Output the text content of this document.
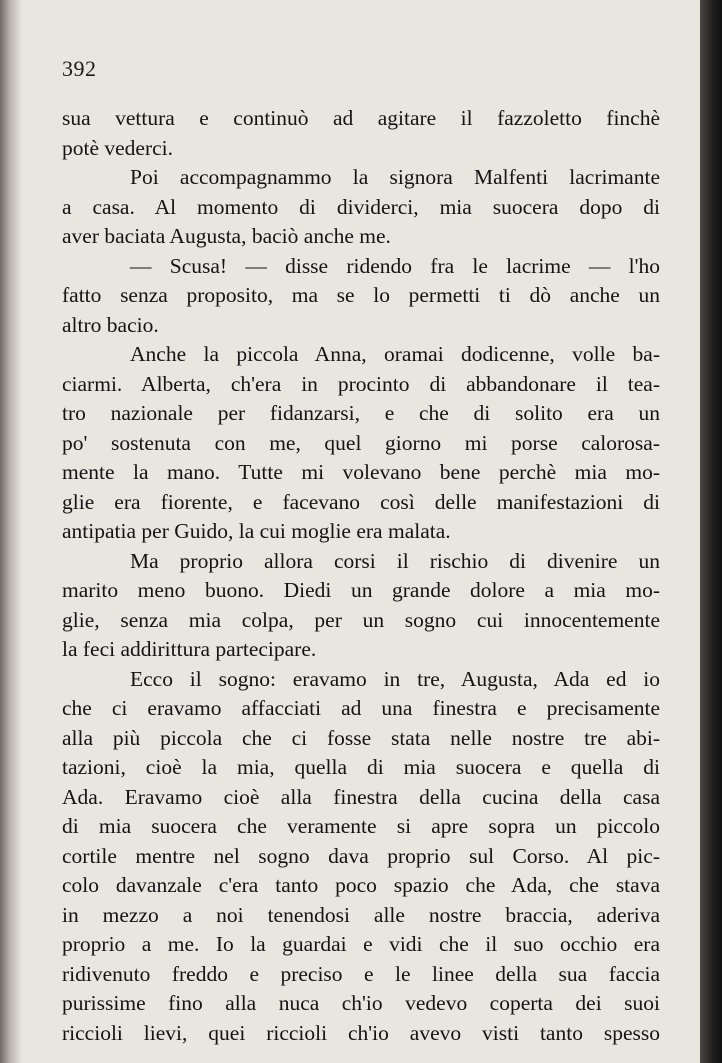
392
sua vettura e continuò ad agitare il fazzoletto finchè
potè vederci.
Poi accompagnammo la signora Malfenti lacrimante
a casa. Al momento di dividerci, mia suocera dopo di
aver baciata Augusta, baciò anche me.
— Scusa! — disse ridendo fra le lacrime — l'ho
fatto senza proposito, ma se lo permetti ti dò anche un
altro bacio.
Anche la piccola Anna, oramai dodicenne, volle ba-
ciarmi. Alberta, ch'era in procinto di abbandonare il tea-
tro nazionale per fidanzarsi, e che di solito era un
po' sostenuta con me, quel giorno mi porse calorosa-
mente la mano. Tutte mi volevano bene perchè mia mo-
glie era fiorente, e facevano così delle manifestazioni di
antipatia per Guido, la cui moglie era malata.
Ma proprio allora corsi il rischio di divenire un
marito meno buono. Diedi un grande dolore a mia mo-
glie, senza mia colpa, per un sogno cui innocentemente
la feci addirittura partecipare.
Ecco il sogno: eravamo in tre, Augusta, Ada ed io
che ci eravamo affacciati ad una finestra e precisamente
alla più piccola che ci fosse stata nelle nostre tre abi-
tazioni, cioè la mia, quella di mia suocera e quella di
Ada. Eravamo cioè alla finestra della cucina della casa
di mia suocera che veramente si apre sopra un piccolo
cortile mentre nel sogno dava proprio sul Corso. Al pic-
colo davanzale c'era tanto poco spazio che Ada, che stava
in mezzo a noi tenendosi alle nostre braccia, aderiva
proprio a me. Io la guardai e vidi che il suo occhio era
ridivenuto freddo e preciso e le linee della sua faccia
purissime fino alla nuca ch'io vedevo coperta dei suoi
riccioli lievi, quei riccioli ch'io avevo visti tanto spesso
